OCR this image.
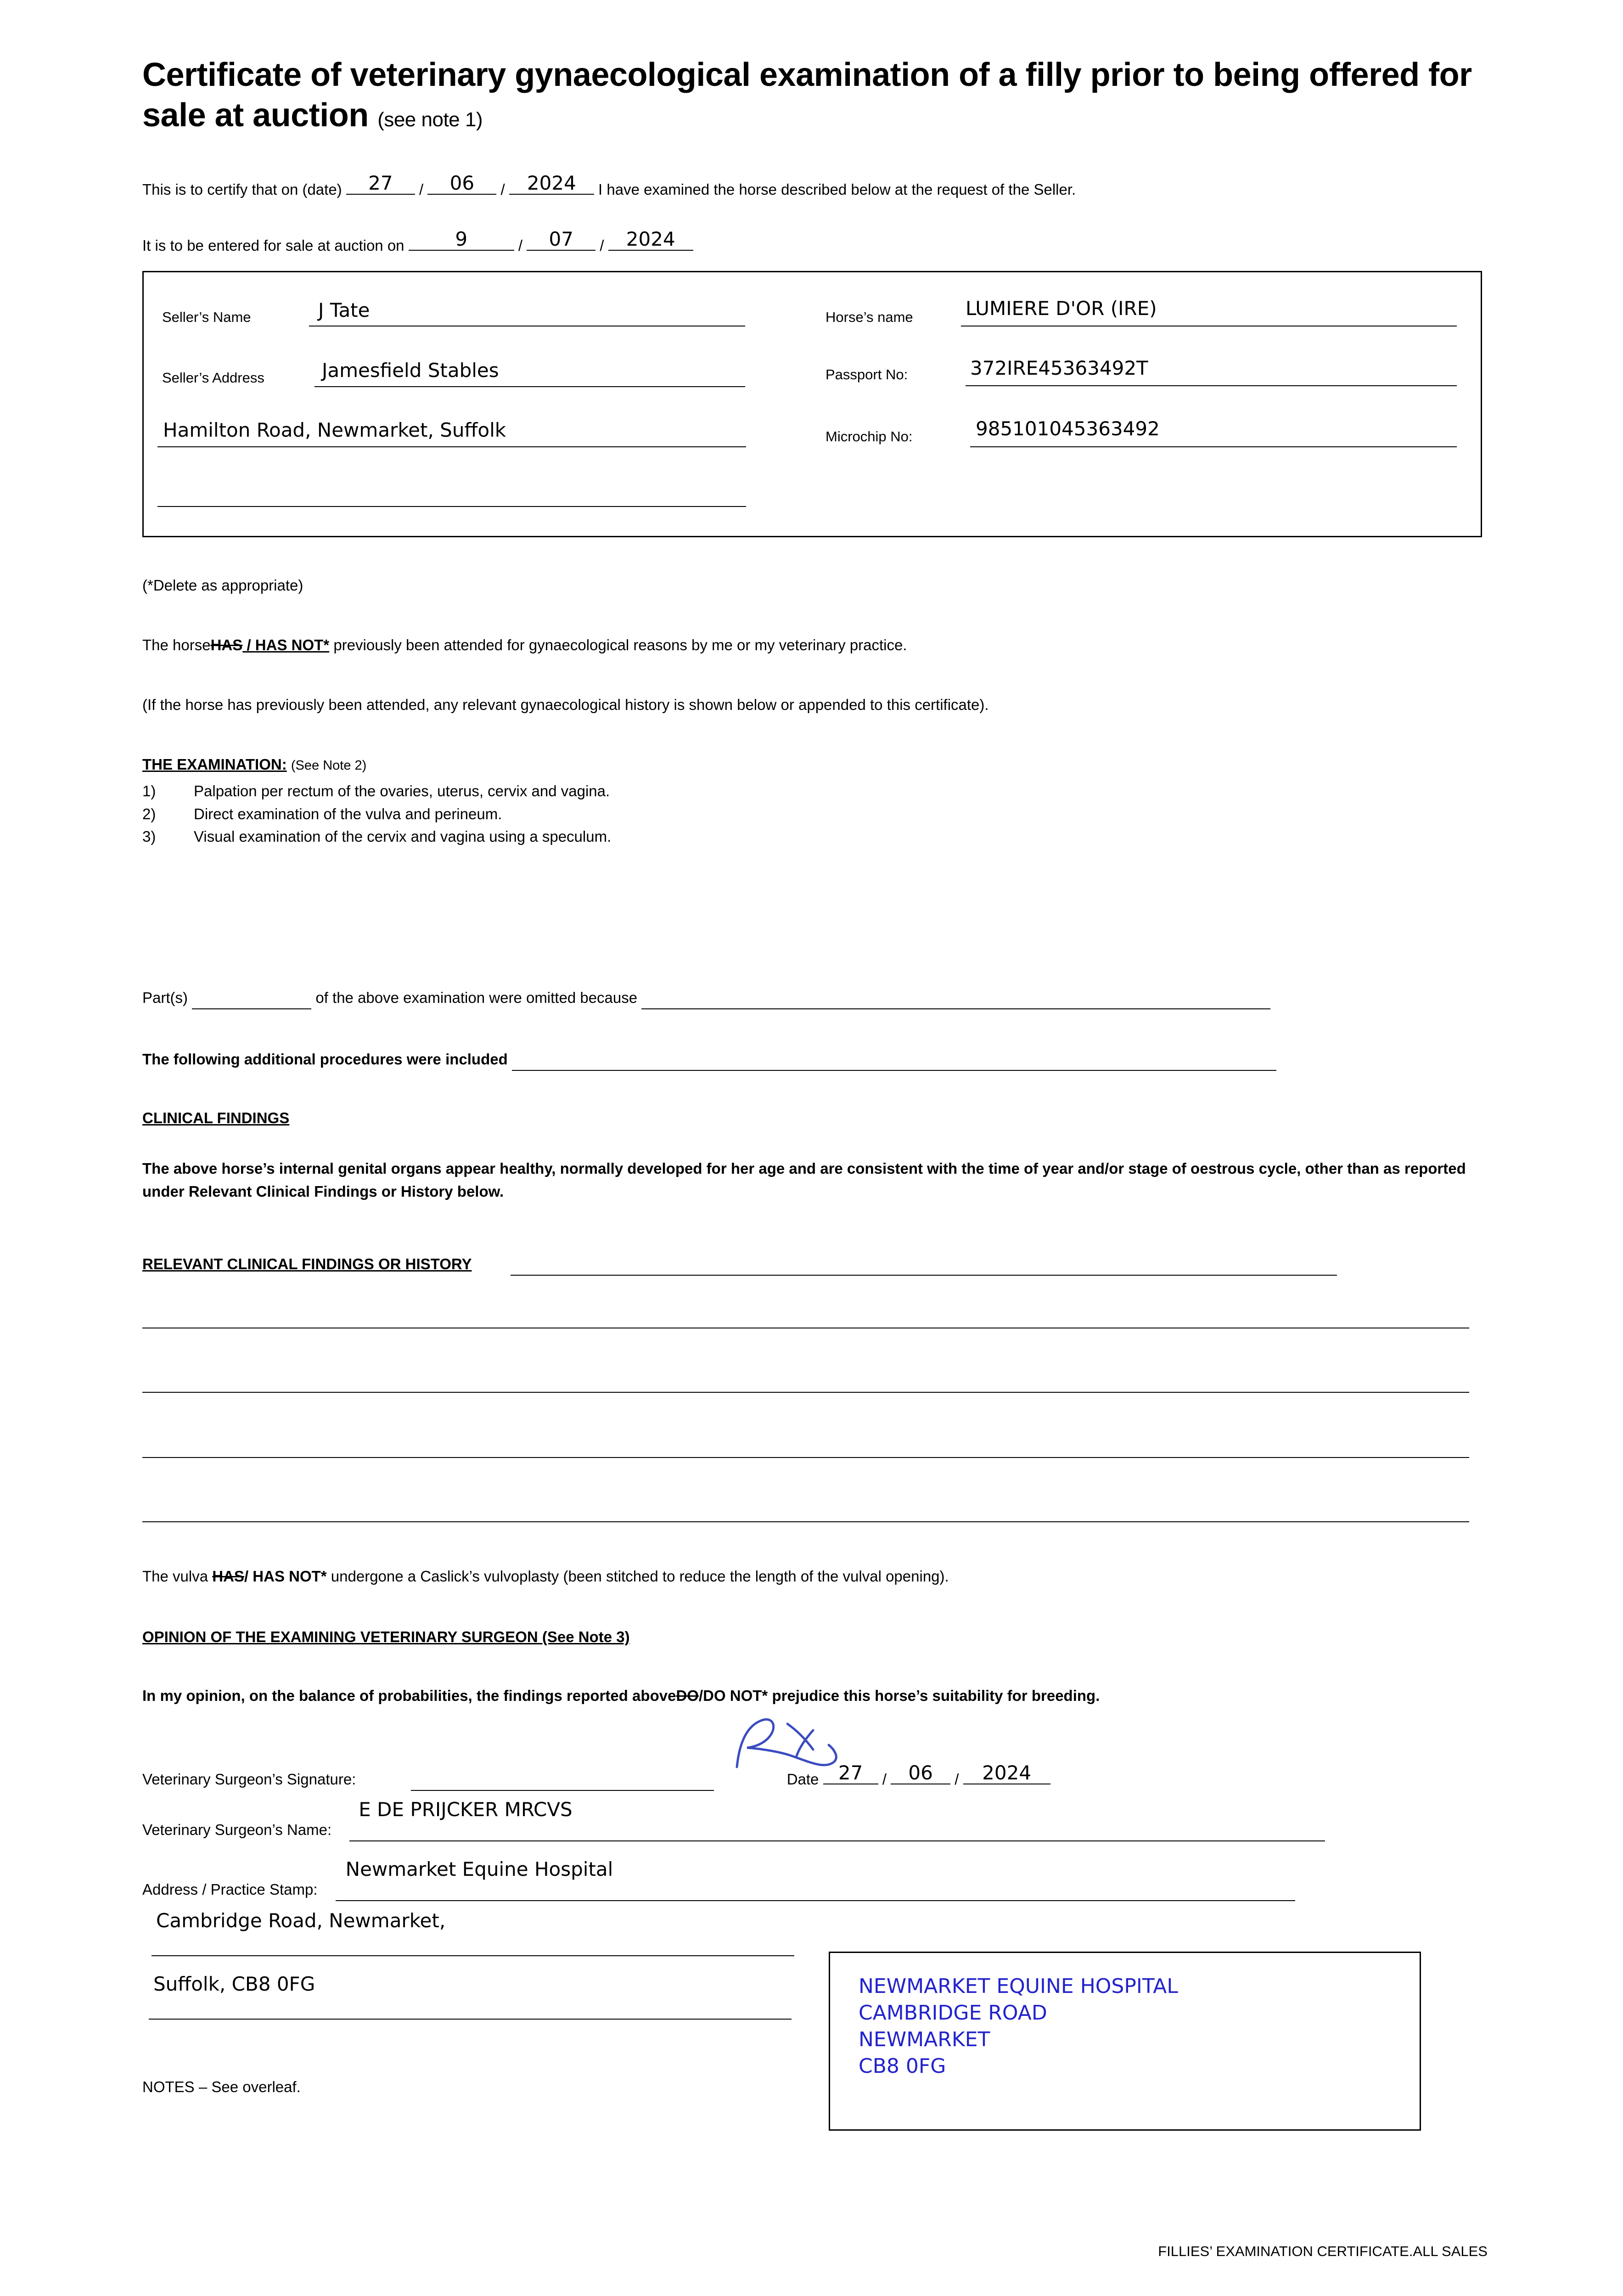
Certificate of veterinary gynaecological examination of a filly prior to being offered for sale at auction (see note 1)
This is to certify that on (date)	27	/	06	/	2024	I have examined the horse described below at the request of the Seller.
It is to be entered for sale at auction on	9	/	07	/	2024
Seller’s Name	J Tate
Seller’s Address	Jamesfield Stables
Hamilton Road, Newmarket, Suffolk
Horse’s name	LUMIERE D'OR (IRE)
Passport No:	372IRE45363492T
Microchip No:	985101045363492
(*Delete as appropriate)
The horseHAS / HAS NOT* previously been attended for gynaecological reasons by me or my veterinary practice.
(If the horse has previously been attended, any relevant gynaecological history is shown below or appended to this certificate).
THE EXAMINATION: (See Note 2)
1)	Palpation per rectum of the ovaries, uterus, cervix and vagina.
2)	Direct examination of the vulva and perineum.
3)	Visual examination of the cervix and vagina using a speculum.
Part(s)	of the above examination were omitted because
The following additional procedures were included
CLINICAL FINDINGS
The above horse’s internal genital organs appear healthy, normally developed for her age and are consistent with the time of year and/or stage of oestrous cycle, other than as reported under Relevant Clinical Findings or History below.
RELEVANT CLINICAL FINDINGS OR HISTORY
The vulva HAS/ HAS NOT* undergone a Caslick’s vulvoplasty (been stitched to reduce the length of the vulval opening).
OPINION OF THE EXAMINING VETERINARY SURGEON (See Note 3)
In my opinion, on the balance of probabilities, the findings reported aboveDO/DO NOT* prejudice this horse’s suitability for breeding.
Veterinary Surgeon’s Signature:	Date	27	/	06	/	2024
Veterinary Surgeon’s Name:
E DE PRIJCKER MRCVS
Address / Practice Stamp:
Newmarket Equine Hospital
Cambridge Road, Newmarket,
Suffolk, CB8 0FG
NOTES – See overleaf.
NEWMARKET EQUINE HOSPITAL
CAMBRIDGE ROAD
NEWMARKET
CB8 0FG
FILLIES’ EXAMINATION CERTIFICATE.ALL SALES
